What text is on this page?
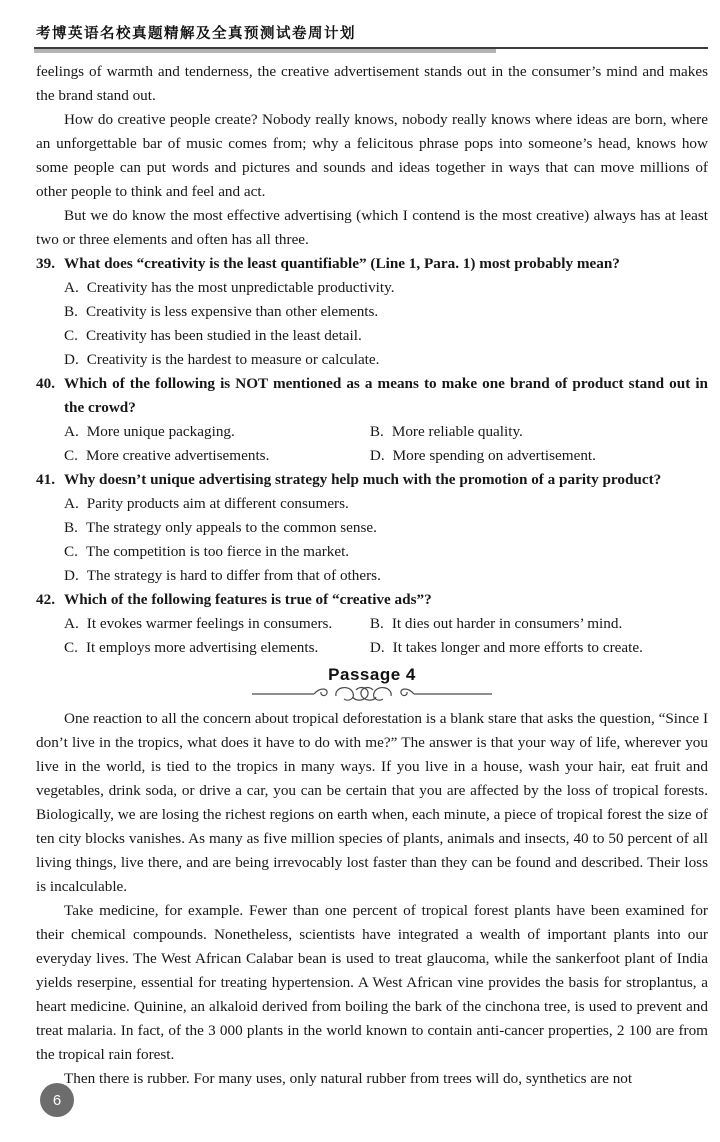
考博英语名校真题精解及全真预测试卷周计划

feelings of warmth and tenderness, the creative advertisement stands out in the consumer’s mind and makes the brand stand out.

How do creative people create? Nobody really knows, nobody really knows where ideas are born, where an unforgettable bar of music comes from; why a felicitous phrase pops into someone’s head, knows how some people can put words and pictures and sounds and ideas together in ways that can move millions of other people to think and feel and act.

But we do know the most effective advertising (which I contend is the most creative) always has at least two or three elements and often has all three.

39. What does “creativity is the least quantifiable” (Line 1, Para. 1) most probably mean?
A. Creativity has the most unpredictable productivity.
B. Creativity is less expensive than other elements.
C. Creativity has been studied in the least detail.
D. Creativity is the hardest to measure or calculate.
40. Which of the following is NOT mentioned as a means to make one brand of product stand out in the crowd?
A. More unique packaging.	B. More reliable quality.
C. More creative advertisements.	D. More spending on advertisement.
41. Why doesn’t unique advertising strategy help much with the promotion of a parity product?
A. Parity products aim at different consumers.
B. The strategy only appeals to the common sense.
C. The competition is too fierce in the market.
D. The strategy is hard to differ from that of others.
42. Which of the following features is true of “creative ads”?
A. It evokes warmer feelings in consumers.	B. It dies out harder in consumers’ mind.
C. It employs more advertising elements.	D. It takes longer and more efforts to create.
Passage 4

One reaction to all the concern about tropical deforestation is a blank stare that asks the question, “Since I don’t live in the tropics, what does it have to do with me?” The answer is that your way of life, wherever you live in the world, is tied to the tropics in many ways. If you live in a house, wash your hair, eat fruit and vegetables, drink soda, or drive a car, you can be certain that you are affected by the loss of tropical forests. Biologically, we are losing the richest regions on earth when, each minute, a piece of tropical forest the size of ten city blocks vanishes. As many as five million species of plants, animals and insects, 40 to 50 percent of all living things, live there, and are being irrevocably lost faster than they can be found and described. Their loss is incalculable.

Take medicine, for example. Fewer than one percent of tropical forest plants have been examined for their chemical compounds. Nonetheless, scientists have integrated a wealth of important plants into our everyday lives. The West African Calabar bean is used to treat glaucoma, while the sankerfoot plant of India yields reserpine, essential for treating hypertension. A West African vine provides the basis for stroplantus, a heart medicine. Quinine, an alkaloid derived from boiling the bark of the cinchona tree, is used to prevent and treat malaria. In fact, of the 3 000 plants in the world known to contain anti-cancer properties, 2 100 are from the tropical rain forest.

Then there is rubber. For many uses, only natural rubber from trees will do, synthetics are not

6
